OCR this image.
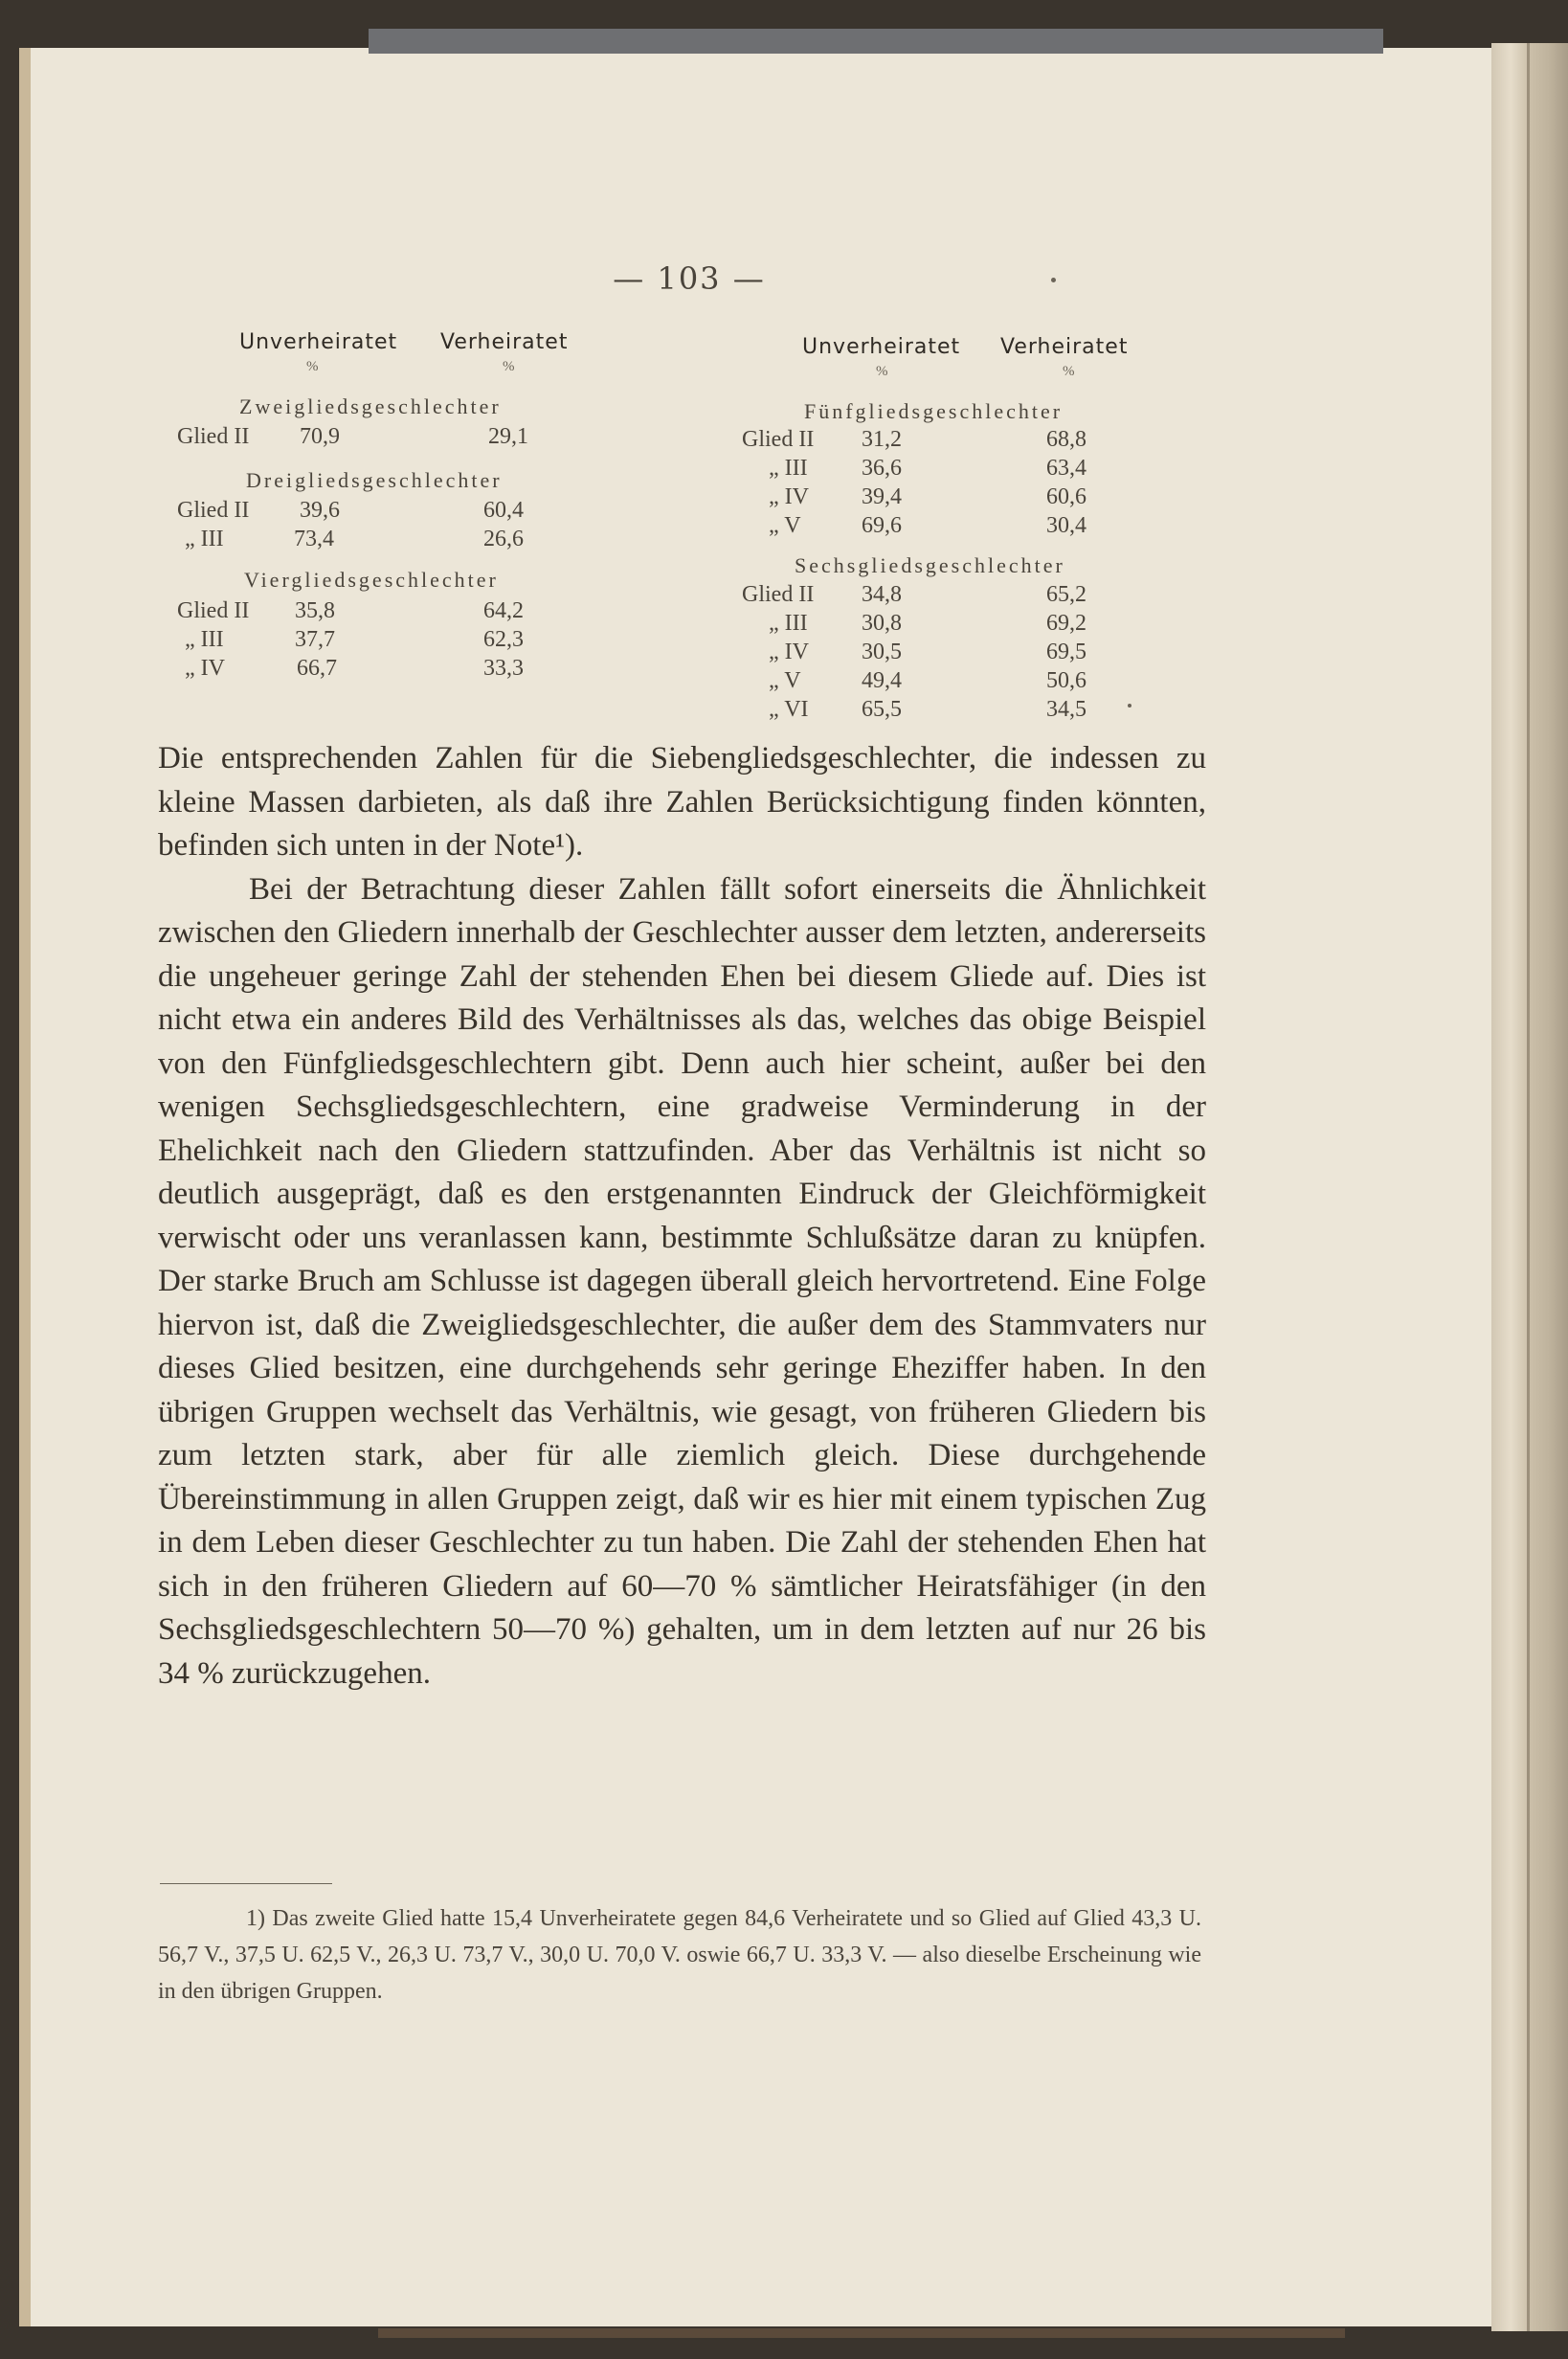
— 103 —
Unverheiratet Verheiratet
%	%
Zweigliedsgeschlechter
Glied II 70,9	29,1
Dreigliedsgeschlechter
Glied II 39,6	60,4
„ III	73,4	26,6
Viergliedsgeschlechter
Glied II 35,8	64,2
„ III	37,7	62,3
„ IV	66,7	33,3
Unverheiratet Verheiratet
%	%
Fünfgliedsgeschlechter
Glied II 31,2	68,8
„ III 36,6	63,4
„ IV 39,4	60,6
„ V	69,6	30,4
Sechsgliedsgeschlechter
Glied II 34,8	65,2
„ III 30,8	69,2
„ IV 30,5	69,5
„ V	49,4	50,6
„ VI 65,5	34,5

Die entsprechenden Zahlen für die Siebengliedsgeschlechter, die indessen zu kleine Massen darbieten, als daß ihre Zahlen Berücksichtigung finden könnten, befinden sich unten in der Note¹).

Bei der Betrachtung dieser Zahlen fällt sofort einerseits die Ähnlichkeit zwischen den Gliedern innerhalb der Geschlechter ausser dem letzten, andererseits die ungeheuer geringe Zahl der stehenden Ehen bei diesem Gliede auf. Dies ist nicht etwa ein anderes Bild des Verhältnisses als das, welches das obige Beispiel von den Fünfgliedsgeschlechtern gibt. Denn auch hier scheint, außer bei den wenigen Sechsgliedsgeschlechtern, eine gradweise Verminderung in der Ehelichkeit nach den Gliedern stattzufinden. Aber das Verhältnis ist nicht so deutlich ausgeprägt, daß es den erstgenannten Eindruck der Gleichförmigkeit verwischt oder uns veranlassen kann, bestimmte Schlußsätze daran zu knüpfen. Der starke Bruch am Schlusse ist dagegen überall gleich hervortretend. Eine Folge hiervon ist, daß die Zweigliedsgeschlechter, die außer dem des Stammvaters nur dieses Glied besitzen, eine durchgehends sehr geringe Eheziffer haben. In den übrigen Gruppen wechselt das Verhältnis, wie gesagt, von früheren Gliedern bis zum letzten stark, aber für alle ziemlich gleich. Diese durchgehende Übereinstimmung in allen Gruppen zeigt, daß wir es hier mit einem typischen Zug in dem Leben dieser Geschlechter zu tun haben. Die Zahl der stehenden Ehen hat sich in den früheren Gliedern auf 60—70 % sämtlicher Heiratsfähiger (in den Sechsgliedsgeschlechtern 50—70 %) gehalten, um in dem letzten auf nur 26 bis 34 % zurückzugehen.

1) Das zweite Glied hatte 15,4 Unverheiratete gegen 84,6 Verheiratete und so Glied auf Glied 43,3 U. 56,7 V., 37,5 U. 62,5 V., 26,3 U. 73,7 V., 30,0 U. 70,0 V. oswie 66,7 U. 33,3 V. — also dieselbe Erscheinung wie in den übrigen Gruppen.
